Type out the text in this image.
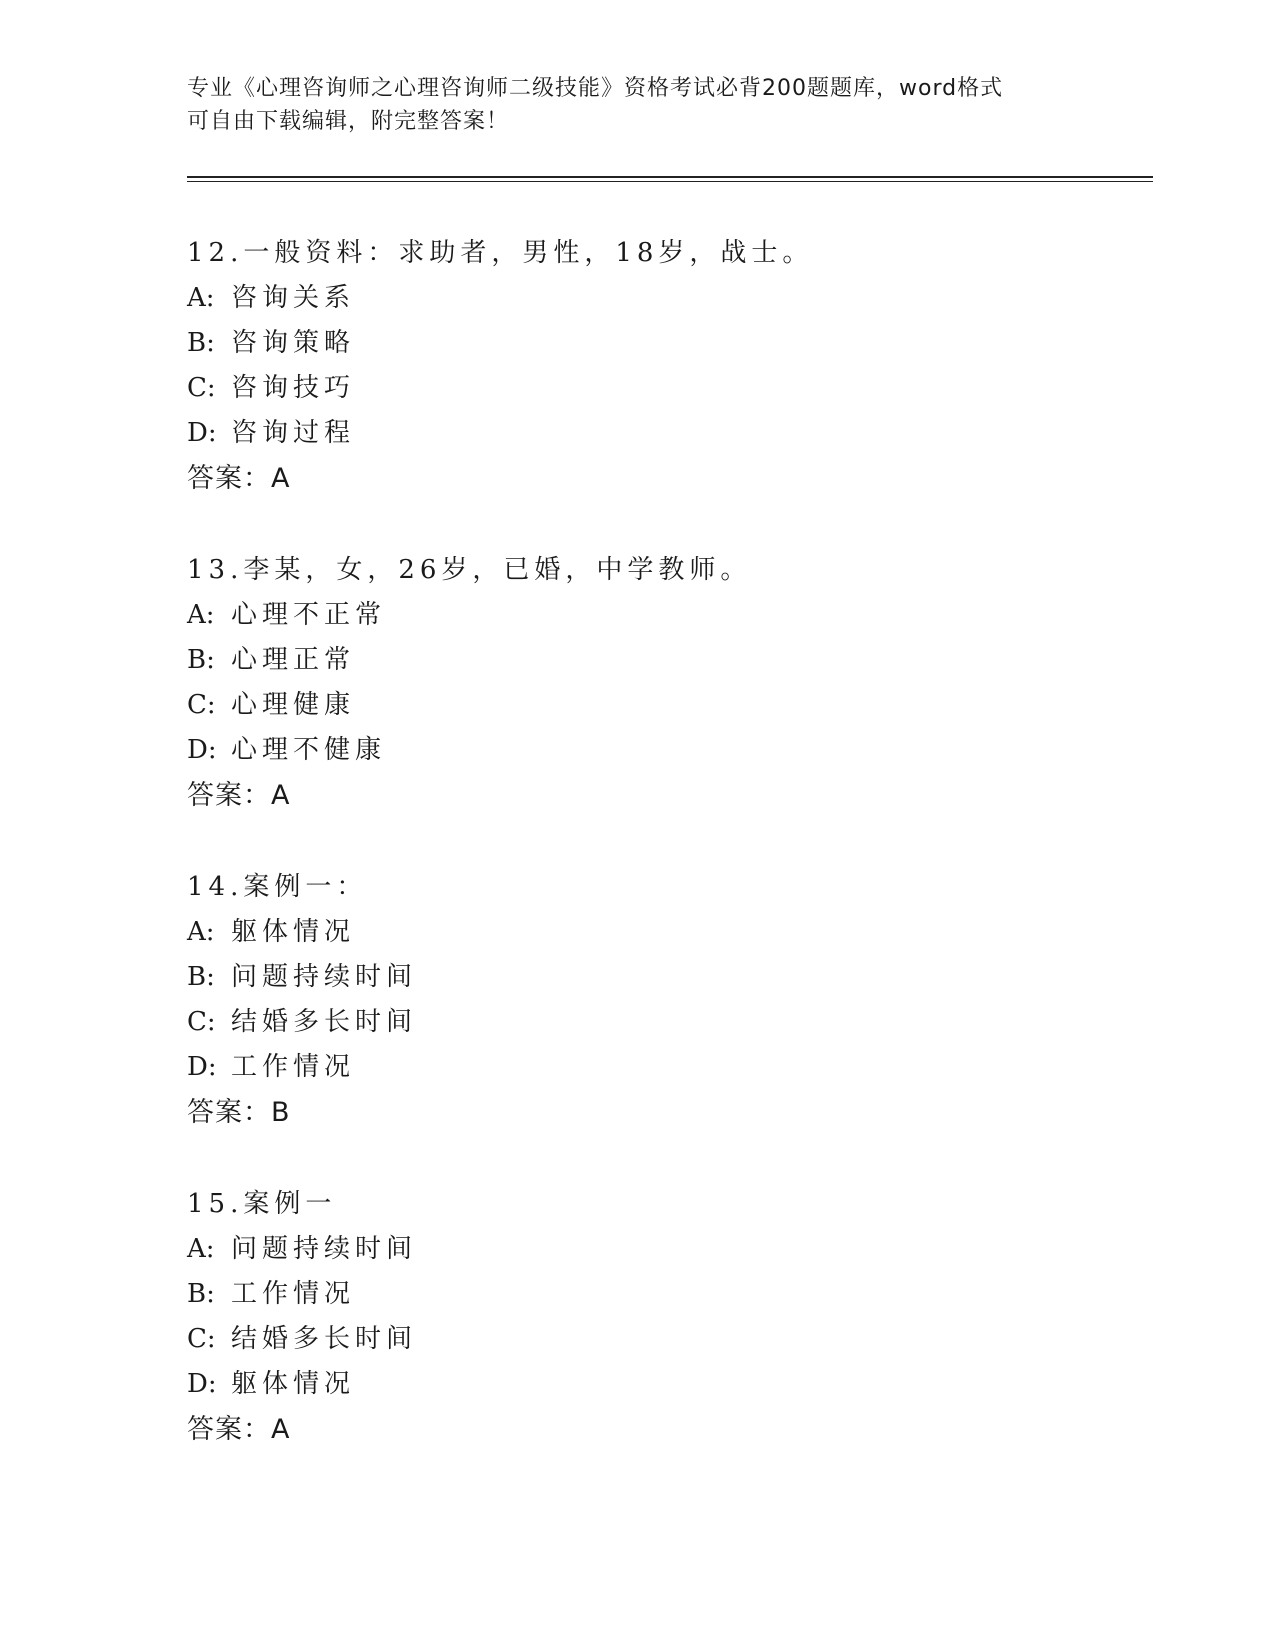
专业《心理咨询师之心理咨询师二级技能》资格考试必背200题题库，word格式
可自由下载编辑，附完整答案！
12.一般资料：求助者，男性，18岁，战士。
A: 咨询关系
B: 咨询策略
C: 咨询技巧
D: 咨询过程
答案：A
13.李某，女，26岁，已婚，中学教师。
A: 心理不正常
B: 心理正常
C: 心理健康
D: 心理不健康
答案：A
14.案例一：
A: 躯体情况
B: 问题持续时间
C: 结婚多长时间
D: 工作情况
答案：B
15.案例一
A: 问题持续时间
B: 工作情况
C: 结婚多长时间
D: 躯体情况
答案：A
